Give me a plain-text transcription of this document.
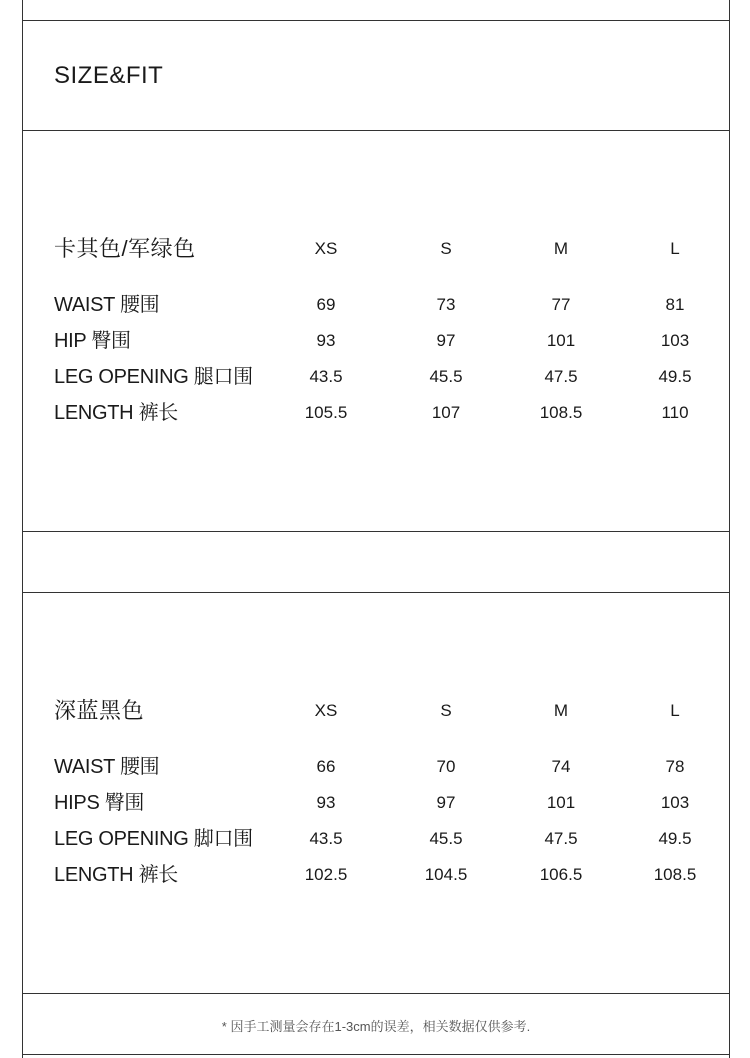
SIZE&FIT
卡其色/军绿色	XS	S	M	L
WAIST 腰围	69	73	77	81
HIP 臀围	93	97	101	103
LEG OPENING 腿口围	43.5	45.5	47.5	49.5
LENGTH 裤长	105.5	107	108.5	110
深蓝黑色	XS	S	M	L
WAIST 腰围	66	70	74	78
HIPS 臀围	93	97	101	103
LEG OPENING 脚口围	43.5	45.5	47.5	49.5
LENGTH 裤长	102.5	104.5	106.5	108.5
* 因手工测量会存在1-3cm的误差，相关数据仅供参考.
